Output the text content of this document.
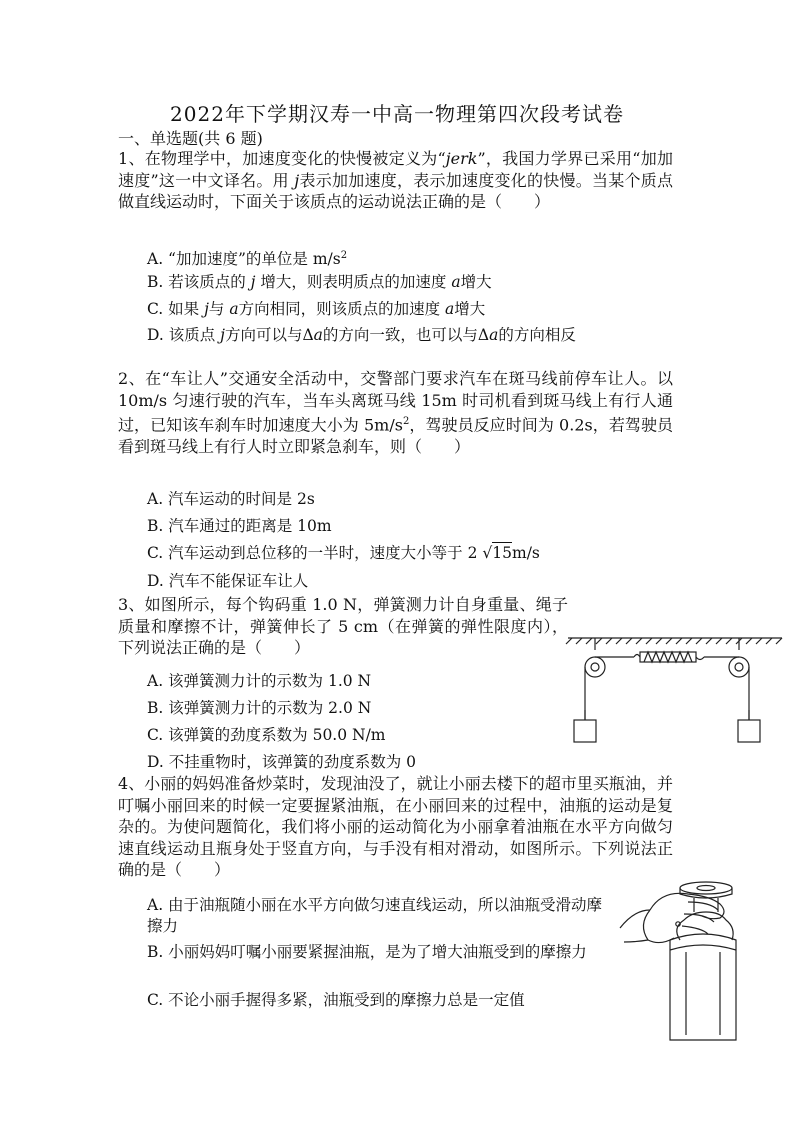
2022年下学期汉寿一中高一物理第四次段考试卷
一、单选题(共 6 题)
1、在物理学中，加速度变化的快慢被定义为“jerk”，我国力学界已采用“加加速度”这一中文译名。用 j表示加加速度，表示加速度变化的快慢。当某个质点做直线运动时，下面关于该质点的运动说法正确的是（　　）
A. “加加速度”的单位是 $m/s^2$
B. 若该质点的 j 增大，则表明质点的加速度 a增大
C. 如果 j与 a方向相同，则该质点的加速度 a增大
D. 该质点 j方向可以与Δa的方向一致，也可以与Δa的方向相反
2、在“车让人”交通安全活动中，交警部门要求汽车在斑马线前停车让人。以 10m/s 匀速行驶的汽车，当车头离斑马线 15m 时司机看到斑马线上有行人通过，已知该车刹车时加速度大小为 $5m/s^2$，驾驶员反应时间为 0.2s，若驾驶员看到斑马线上有行人时立即紧急刹车，则（　　）
A. 汽车运动的时间是 2s
B. 汽车通过的距离是 10m
C. 汽车运动到总位移的一半时，速度大小等于 2 √15m/s
D. 汽车不能保证车让人
3、如图所示，每个钩码重 1.0 N，弹簧测力计自身重量、绳子质量和摩擦不计，弹簧伸长了 5 cm（在弹簧的弹性限度内），下列说法正确的是（　　）
A. 该弹簧测力计的示数为 1.0 N
B. 该弹簧测力计的示数为 2.0 N
C. 该弹簧的劲度系数为 50.0 N/m
D. 不挂重物时，该弹簧的劲度系数为 0
4、小丽的妈妈准备炒菜时，发现油没了，就让小丽去楼下的超市里买瓶油，并叮嘱小丽回来的时候一定要握紧油瓶，在小丽回来的过程中，油瓶的运动是复杂的。为使问题简化，我们将小丽的运动简化为小丽拿着油瓶在水平方向做匀速直线运动且瓶身处于竖直方向，与手没有相对滑动，如图所示。下列说法正确的是（　　）
A. 由于油瓶随小丽在水平方向做匀速直线运动，所以油瓶受滑动摩擦力
B. 小丽妈妈叮嘱小丽要紧握油瓶，是为了增大油瓶受到的摩擦力
C. 不论小丽手握得多紧，油瓶受到的摩擦力总是一定值
